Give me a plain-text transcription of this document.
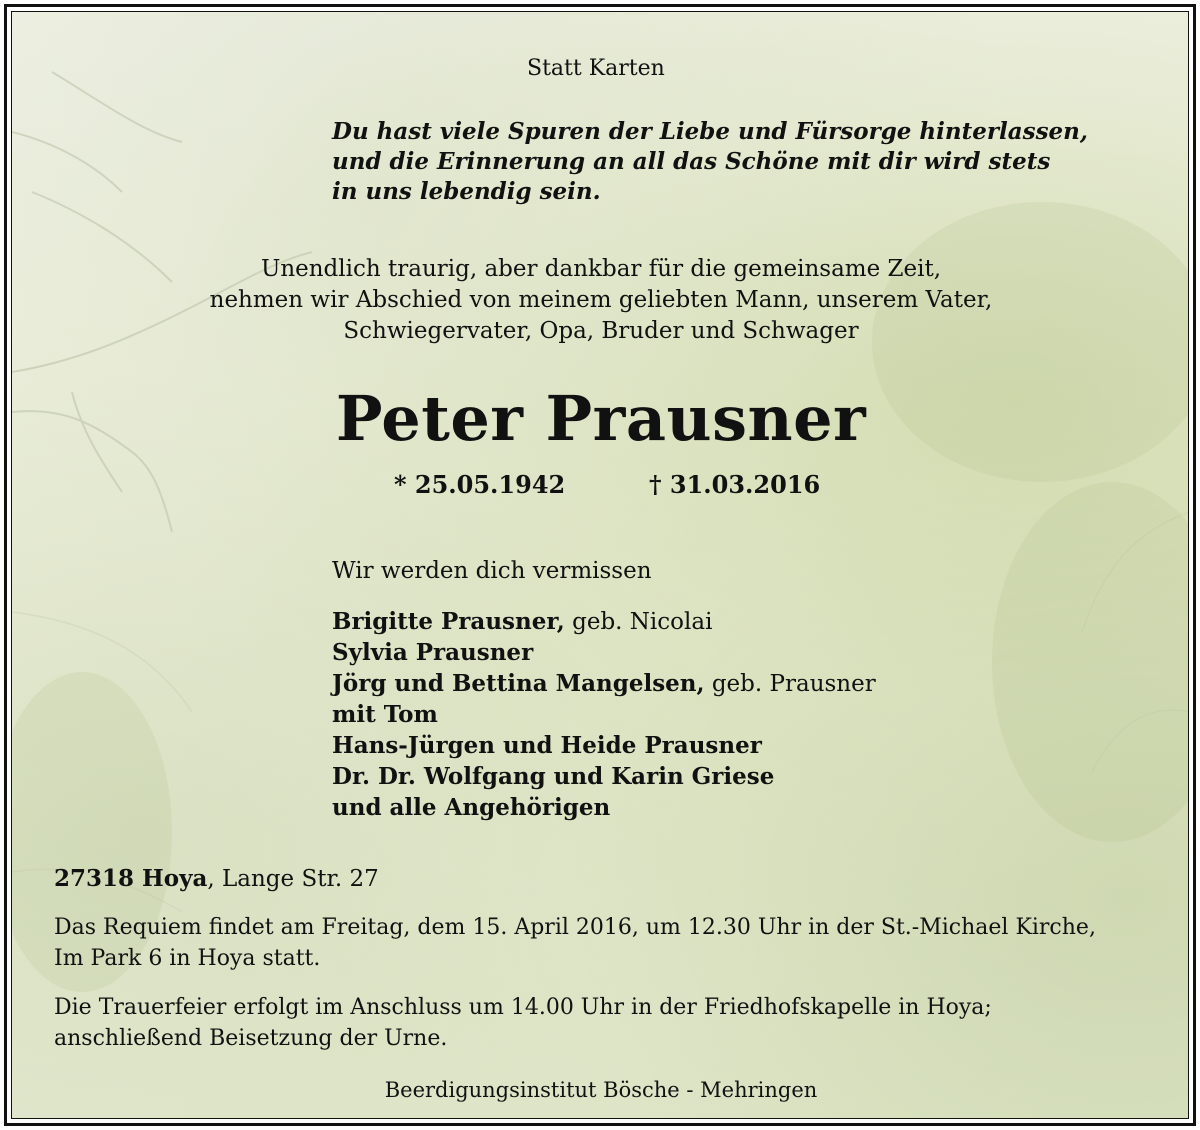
Statt Karten
Du hast viele Spuren der Liebe und Fürsorge hinterlassen,
und die Erinnerung an all das Schöne mit dir wird stets
in uns lebendig sein.
Unendlich traurig, aber dankbar für die gemeinsame Zeit,
nehmen wir Abschied von meinem geliebten Mann, unserem Vater,
Schwiegervater, Opa, Bruder und Schwager
Peter Prausner
* 25.05.1942	† 31.03.2016
Wir werden dich vermissen
Brigitte Prausner, geb. Nicolai
Sylvia Prausner
Jörg und Bettina Mangelsen, geb. Prausner
mit Tom
Hans-Jürgen und Heide Prausner
Dr. Dr. Wolfgang und Karin Griese
und alle Angehörigen
27318 Hoya, Lange Str. 27
Das Requiem findet am Freitag, dem 15. April 2016, um 12.30 Uhr in der St.-Michael Kirche,
Im Park 6 in Hoya statt.
Die Trauerfeier erfolgt im Anschluss um 14.00 Uhr in der Friedhofskapelle in Hoya;
anschließend Beisetzung der Urne.
Beerdigungsinstitut Bösche - Mehringen
